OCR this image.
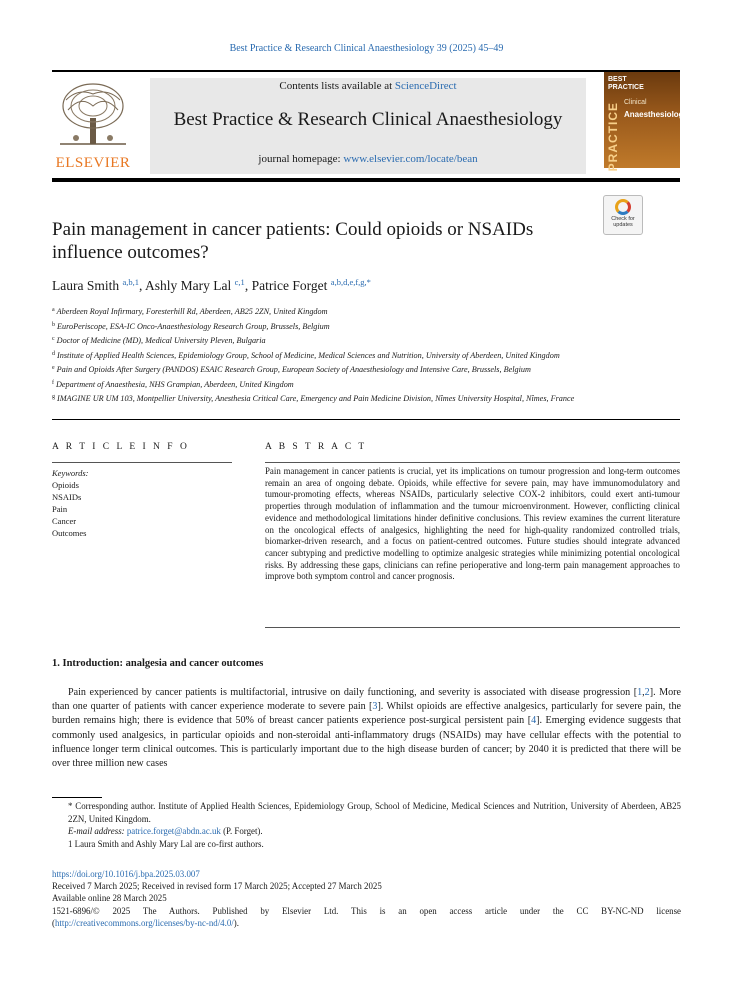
Best Practice & Research Clinical Anaesthesiology 39 (2025) 45–49
ELSEVIER
Contents lists available at ScienceDirect
Best Practice & Research Clinical Anaesthesiology
journal homepage: www.elsevier.com/locate/bean
BEST PRACTICE
PRACTICE Clinical
Anaesthesiology
Pain management in cancer patients: Could opioids or NSAIDs
influence outcomes?
Check for updates
Laura Smith $^{a,b,1}$, Ashly Mary Lal $^{c,1}$, Patrice Forget $^{a,b,d,e,f,g,*}$
$^a$ Aberdeen Royal Infirmary, Foresterhill Rd, Aberdeen, AB25 2ZN, United Kingdom
$^b$ EuroPeriscope, ESA-IC Onco-Anaesthesiology Research Group, Brussels, Belgium
$^c$ Doctor of Medicine (MD), Medical University Pleven, Bulgaria
$^d$ Institute of Applied Health Sciences, Epidemiology Group, School of Medicine, Medical Sciences and Nutrition, University of Aberdeen, United Kingdom
$^e$ Pain and Opioids After Surgery (PANDOS) ESAIC Research Group, European Society of Anaesthesiology and Intensive Care, Brussels, Belgium
$^f$ Department of Anaesthesia, NHS Grampian, Aberdeen, United Kingdom
$^g$ IMAGINE UR UM 103, Montpellier University, Anesthesia Critical Care, Emergency and Pain Medicine Division, Nîmes University Hospital, Nîmes, France
A R T I C L E I N F O	A B S T R A C T
Keywords:
Opioids
NSAIDs
Pain
Cancer
Outcomes
Pain management in cancer patients is crucial, yet its implications on tumour progression and long-term outcomes remain an area of ongoing debate. Opioids, while effective for severe pain, may have immunomodulatory and tumour-promoting effects, whereas NSAIDs, particularly selective COX-2 inhibitors, could exert anti-tumour properties through modulation of inflammation and the tumour microenvironment. However, conflicting clinical evidence and methodological limitations hinder definitive conclusions. This review examines the current literature on the oncological effects of analgesics, highlighting the need for high-quality randomized controlled trials, biomarker-driven research, and a focus on patient-centred outcomes. Future studies should integrate advanced cancer subtyping and predictive modelling to optimize analgesic strategies while minimizing potential oncological risks. By addressing these gaps, clinicians can refine perioperative and long-term pain management approaches to improve both symptom control and cancer prognosis.
1. Introduction: analgesia and cancer outcomes
Pain experienced by cancer patients is multifactorial, intrusive on daily functioning, and severity is associated with disease progression [1,2]. More than one quarter of patients with cancer experience moderate to severe pain [3]. Whilst opioids are effective analgesics, particularly for severe pain, the burden remains high; there is evidence that 50% of breast cancer patients experience post-surgical persistent pain [4]. Emerging evidence suggests that commonly used analgesics, in particular opioids and non-steroidal anti-inflammatory drugs (NSAIDs) may have cellular effects with the potential to influence longer term clinical outcomes. This is particularly important due to the high disease burden of cancer; by 2040 it is predicted that there will be over three million new cases
* Corresponding author. Institute of Applied Health Sciences, Epidemiology Group, School of Medicine, Medical Sciences and Nutrition, University of Aberdeen, AB25 2ZN, United Kingdom.
E-mail address: patrice.forget@abdn.ac.uk (P. Forget).
1 Laura Smith and Ashly Mary Lal are co-first authors.
https://doi.org/10.1016/j.bpa.2025.03.007
Received 7 March 2025; Received in revised form 17 March 2025; Accepted 27 March 2025
Available online 28 March 2025
1521-6896/© 2025 The Authors. Published by Elsevier Ltd. This is an open access article under the CC BY-NC-ND license
(http://creativecommons.org/licenses/by-nc-nd/4.0/).
